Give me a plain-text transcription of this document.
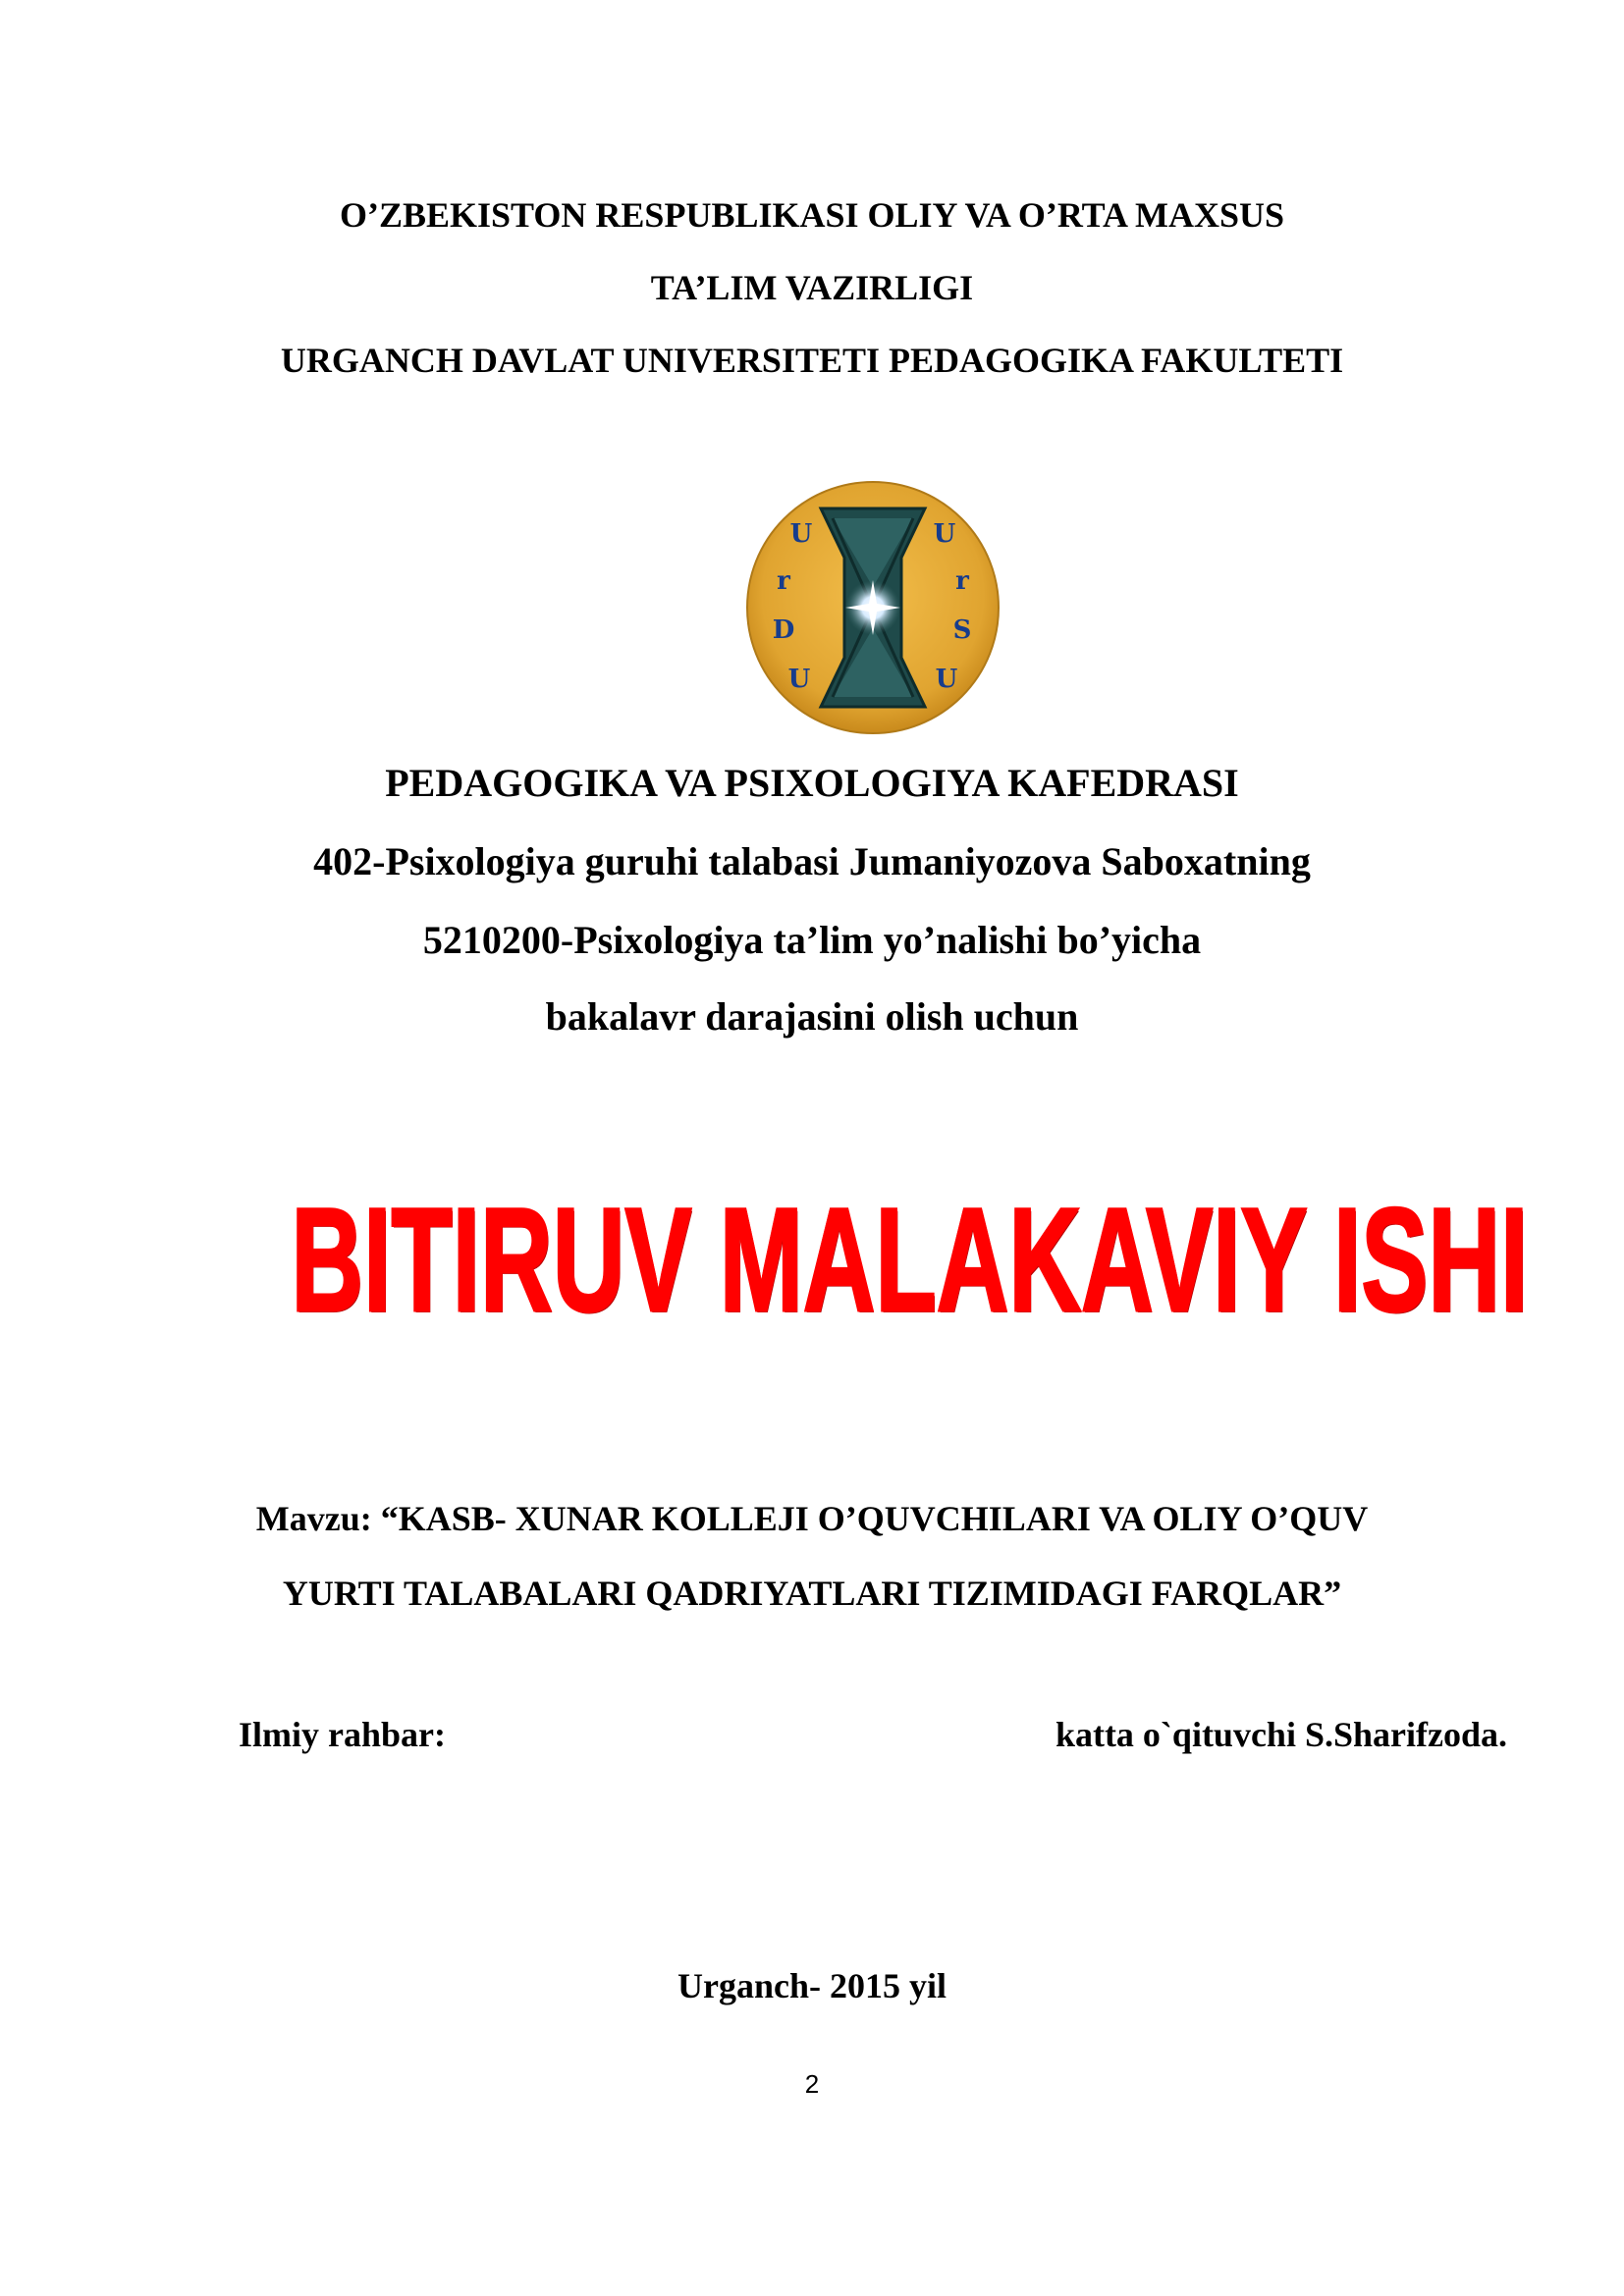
O’ZBEKISTON RESPUBLIKASI OLIY VA O’RTA MAXSUS
TA’LIM VAZIRLIGI
URGANCH DAVLAT UNIVERSITETI PEDAGOGIKA FAKULTETI
U
r
D
U
U
r
S
U
PEDAGOGIKA VA PSIXOLOGIYA KAFEDRASI
402-Psixologiya guruhi talabasi Jumaniyozova Saboxatning
5210200-Psixologiya ta’lim yo’nalishi bo’yicha
bakalavr darajasini olish uchun
BITIRUV MALAKAVIY ISHI
Mavzu: “KASB- XUNAR KOLLEJI O’QUVCHILARI VA OLIY O’QUV
YURTI TALABALARI QADRIYATLARI TIZIMIDAGI FARQLAR”
Ilmiy rahbar:	katta o`qituvchi S.Sharifzoda.
Urganch- 2015 yil
2
